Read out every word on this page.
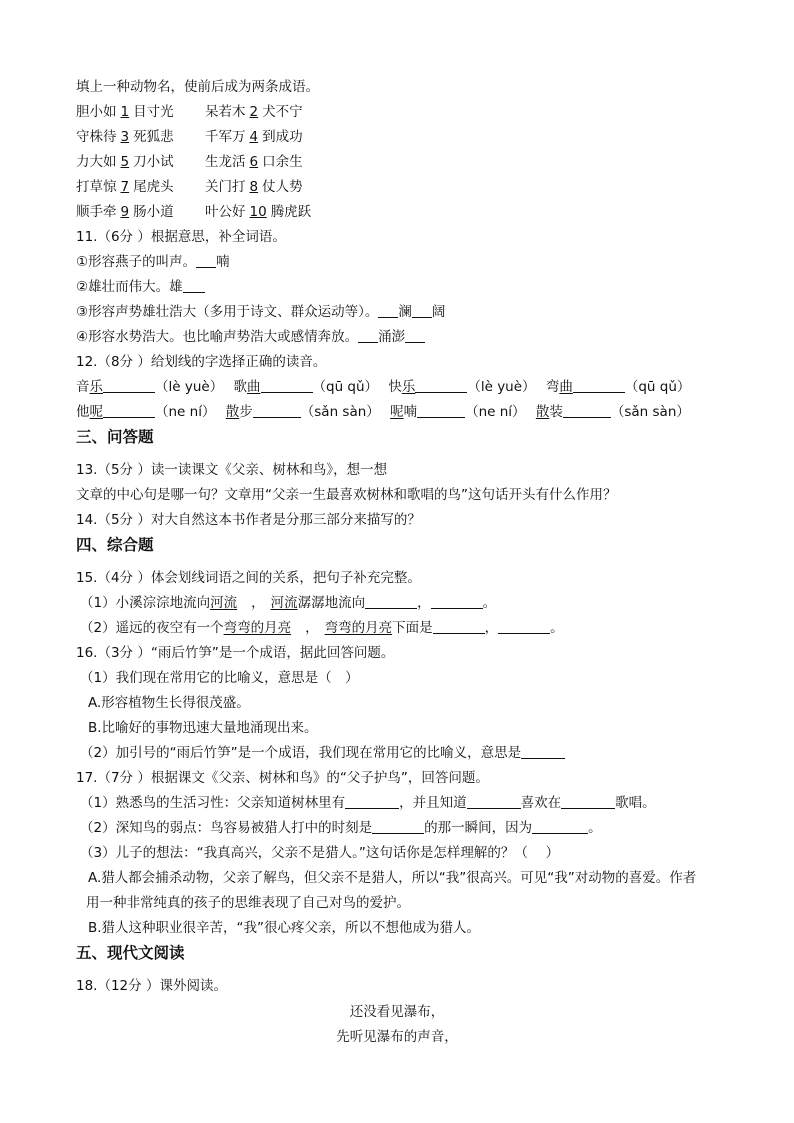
填上一种动物名，使前后成为两条成语。
胆小如 1 目寸光 呆若木 2 犬不宁
守株待 3 死狐悲 千军万 4 到成功
力大如 5 刀小试 生龙活 6 口余生
打草惊 7 尾虎头 关门打 8 仗人势
顺手牵 9 肠小道 叶公好 10 腾虎跃
11.（6分 ）根据意思，补全词语。
①形容燕子的叫声。 喃
②雄壮而伟大。雄
③形容声势雄壮浩大（多用于诗文、群众运动等）。 澜 阔
④形容水势浩大。也比喻声势浩大或感情奔放。 涌澎
12.（8分 ）给划线的字选择正确的读音。
音乐	（lè yuè） 歌曲	（qū qǔ） 快乐	（lè yuè） 弯曲	（qū qǔ）
他呢	（ne ní） 散步	（sǎn sàn） 呢喃	（ne ní） 散装	（sǎn sàn）
三、问答题
13.（5分 ）读一读课文《父亲、树林和鸟》，想一想
文章的中心句是哪一句？文章用“父亲一生最喜欢树林和歌唱的鸟”这句话开头有什么作用？
14.（5分 ）对大自然这本书作者是分那三部分来描写的？
四、综合题
15.（4分 ）体会划线词语之间的关系，把句子补充完整。
（1）小溪淙淙地流向河流 ， 河流潺潺地流向	，	。
（2）遥远的夜空有一个弯弯的月亮 ， 弯弯的月亮下面是	，	。
16.（3分 ）“雨后竹笋”是一个成语，据此回答问题。
（1）我们现在常用它的比喻义，意思是（　）
A.形容植物生长得很茂盛。
B.比喻好的事物迅速大量地涌现出来。
（2）加引号的“雨后竹笋”是一个成语，我们现在常用它的比喻义，意思是
17.（7分 ）根据课文《父亲、树林和鸟》的“父子护鸟”，回答问题。
（1）熟悉鸟的生活习性：父亲知道树林里有	，并且知道	喜欢在	歌唱。
（2）深知鸟的弱点：鸟容易被猎人打中的时刻是	的那一瞬间，因为	。
（3）儿子的想法：“我真高兴，父亲不是猎人。”这句话你是怎样理解的？（　 ）
A.猎人都会捕杀动物，父亲了解鸟，但父亲不是猎人，所以“我”很高兴。可见“我”对动物的喜爱。作者
用一种非常纯真的孩子的思维表现了自己对鸟的爱护。
B.猎人这种职业很辛苦，“我”很心疼父亲，所以不想他成为猎人。
五、现代文阅读
18.（12分 ）课外阅读。
还没看见瀑布，
先听见瀑布的声音，
